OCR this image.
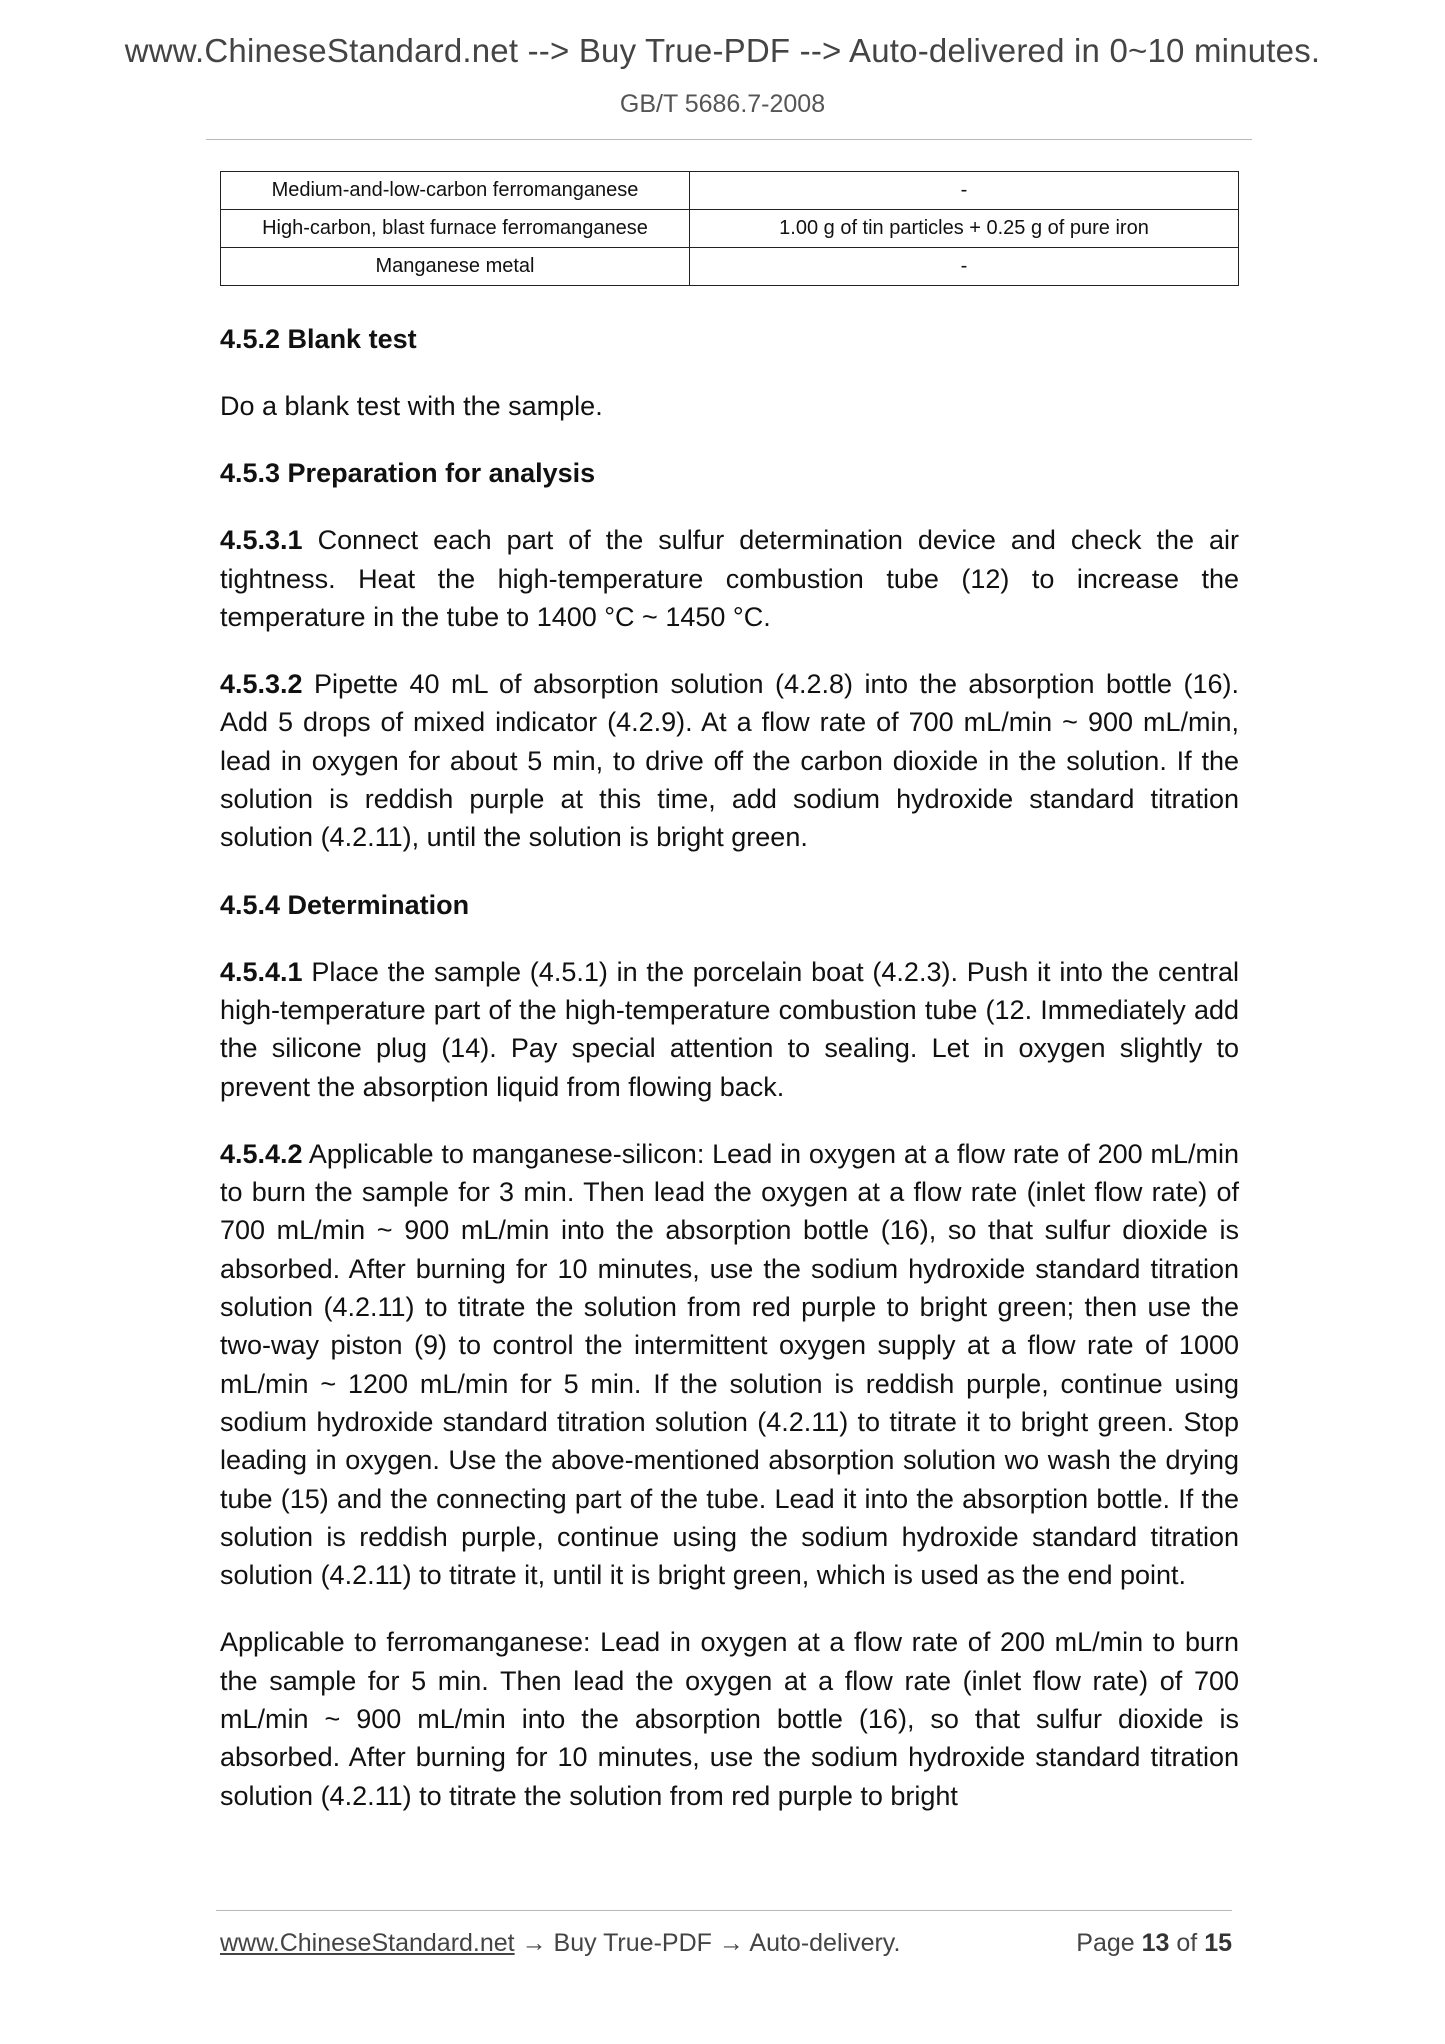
www.ChineseStandard.net --> Buy True-PDF --> Auto-delivered in 0~10 minutes.
GB/T 5686.7-2008
Medium-and-low-carbon ferromanganese	-
High-carbon, blast furnace ferromanganese	1.00 g of tin particles + 0.25 g of pure iron
Manganese metal	-
4.5.2 Blank test

Do a blank test with the sample.

4.5.3 Preparation for analysis

4.5.3.1 Connect each part of the sulfur determination device and check the air tightness. Heat the high-temperature combustion tube (12) to increase the temperature in the tube to 1400 °C ~ 1450 °C.

4.5.3.2 Pipette 40 mL of absorption solution (4.2.8) into the absorption bottle (16). Add 5 drops of mixed indicator (4.2.9). At a flow rate of 700 mL/min ~ 900 mL/min, lead in oxygen for about 5 min, to drive off the carbon dioxide in the solution. If the solution is reddish purple at this time, add sodium hydroxide standard titration solution (4.2.11), until the solution is bright green.

4.5.4 Determination

4.5.4.1 Place the sample (4.5.1) in the porcelain boat (4.2.3). Push it into the central high-temperature part of the high-temperature combustion tube (12. Immediately add the silicone plug (14). Pay special attention to sealing. Let in oxygen slightly to prevent the absorption liquid from flowing back.

4.5.4.2 Applicable to manganese-silicon: Lead in oxygen at a flow rate of 200 mL/min to burn the sample for 3 min. Then lead the oxygen at a flow rate (inlet flow rate) of 700 mL/min ~ 900 mL/min into the absorption bottle (16), so that sulfur dioxide is absorbed. After burning for 10 minutes, use the sodium hydroxide standard titration solution (4.2.11) to titrate the solution from red purple to bright green; then use the two-way piston (9) to control the intermittent oxygen supply at a flow rate of 1000 mL/min ~ 1200 mL/min for 5 min. If the solution is reddish purple, continue using sodium hydroxide standard titration solution (4.2.11) to titrate it to bright green. Stop leading in oxygen. Use the above-mentioned absorption solution wo wash the drying tube (15) and the connecting part of the tube. Lead it into the absorption bottle. If the solution is reddish purple, continue using the sodium hydroxide standard titration solution (4.2.11) to titrate it, until it is bright green, which is used as the end point.

Applicable to ferromanganese: Lead in oxygen at a flow rate of 200 mL/min to burn the sample for 5 min. Then lead the oxygen at a flow rate (inlet flow rate) of 700 mL/min ~ 900 mL/min into the absorption bottle (16), so that sulfur dioxide is absorbed. After burning for 10 minutes, use the sodium hydroxide standard titration solution (4.2.11) to titrate the solution from red purple to bright

www.ChineseStandard.net → Buy True-PDF → Auto-delivery.	Page 13 of 15
